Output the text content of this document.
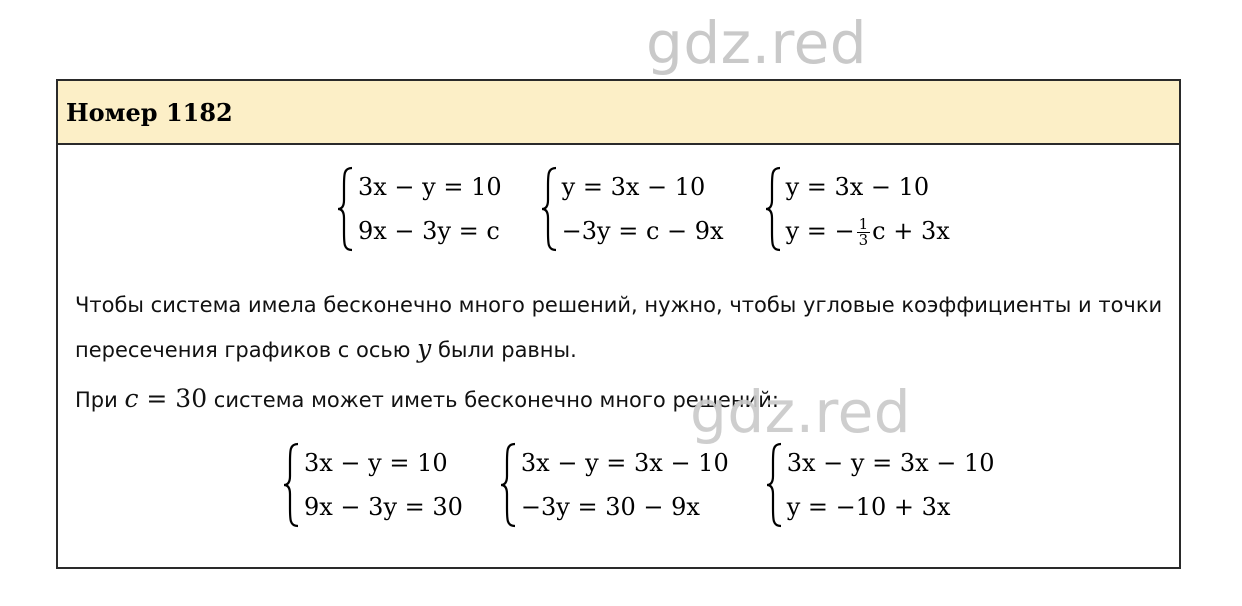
gdz.red
Номер 1182
3x − y = 10
9x − 3y = c
y = 3x − 10
−3y = c − 9x
y = 3x − 10
y = − $\frac{1}{3}$ c + 3x
Чтобы система имела бесконечно много решений, нужно, чтобы угловые коэффициенты и точки
пересечения графиков с осью y были равны.
При c = 30 система может иметь бесконечно много решений:
3x − y = 10
9x − 3y = 30
3x − y = 3x − 10
−3y = 30 − 9x
3x − y = 3x − 10
y = −10 + 3x
gdz.red
